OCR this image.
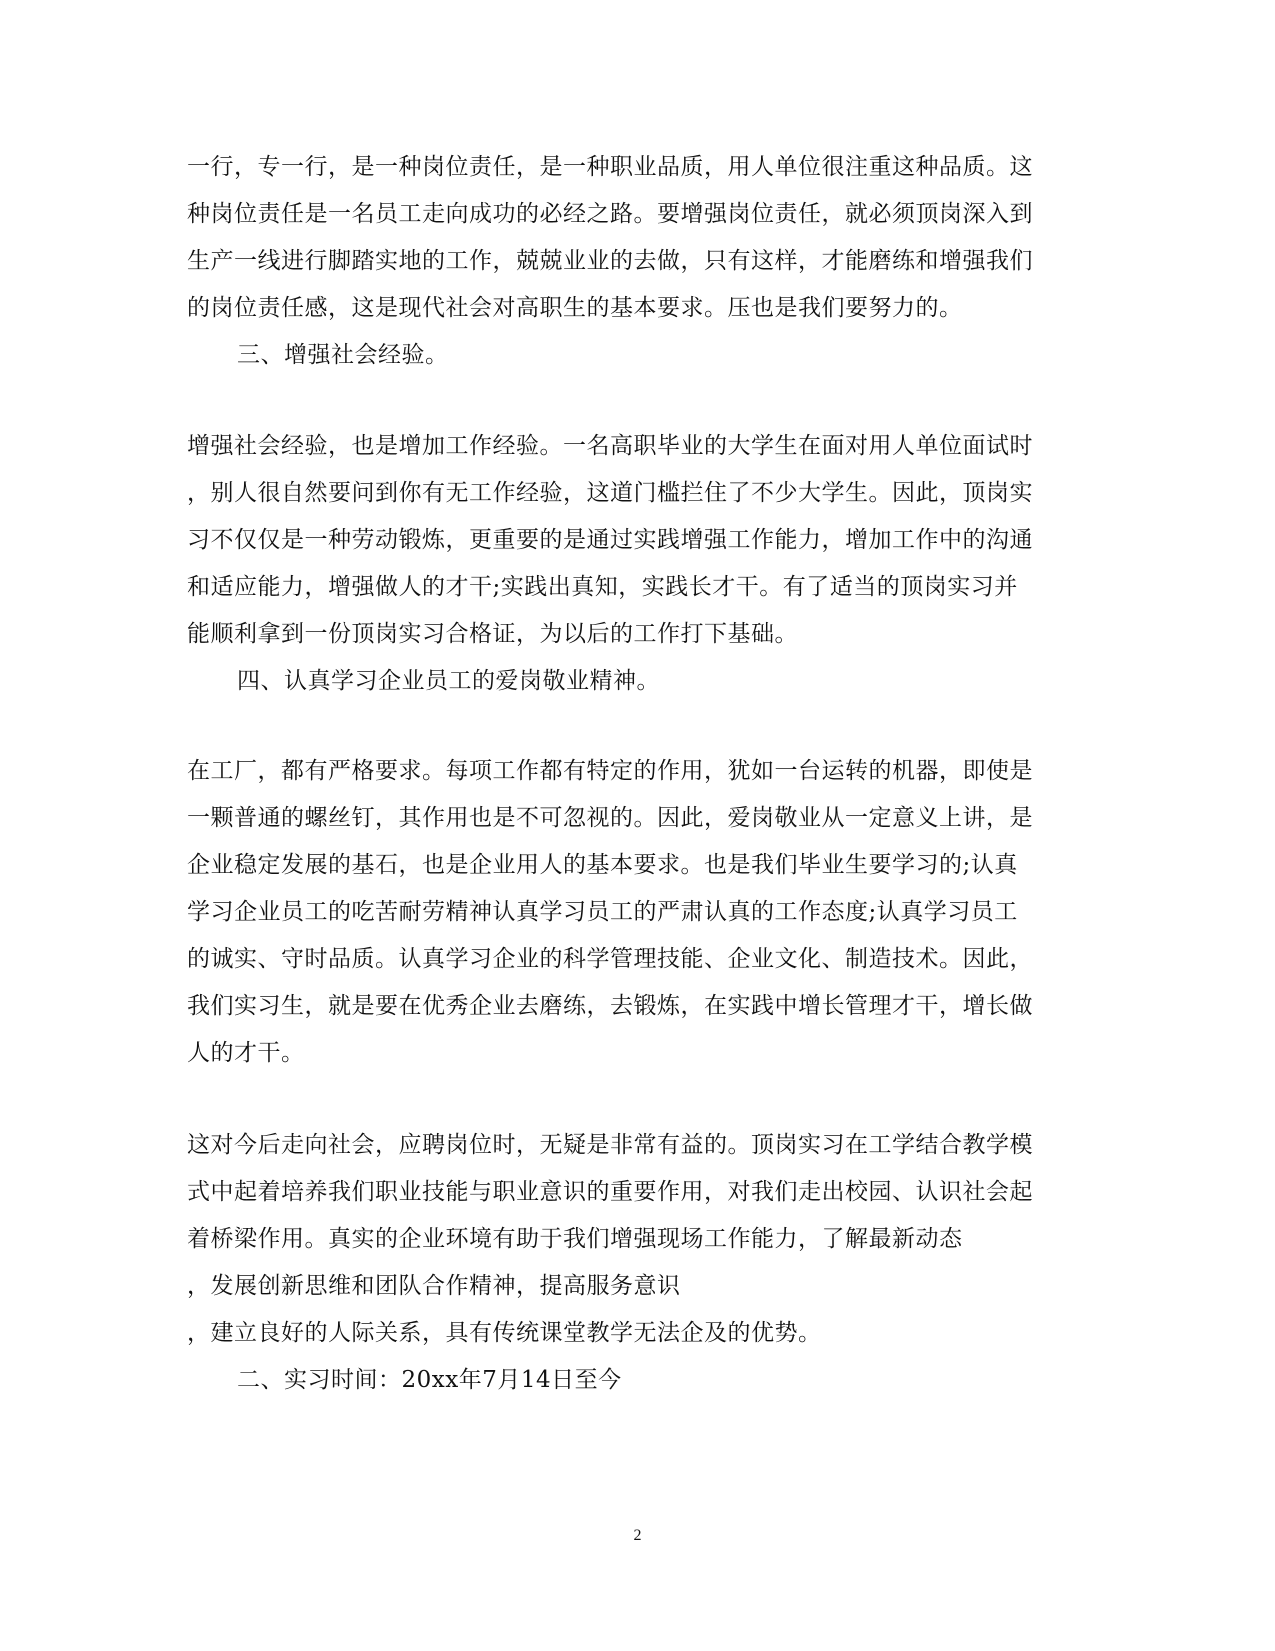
一行，专一行，是一种岗位责任，是一种职业品质，用人单位很注重这种品质。这
种岗位责任是一名员工走向成功的必经之路。要增强岗位责任，就必须顶岗深入到
生产一线进行脚踏实地的工作，兢兢业业的去做，只有这样，才能磨练和增强我们
的岗位责任感，这是现代社会对高职生的基本要求。压也是我们要努力的。
三、增强社会经验。
增强社会经验，也是增加工作经验。一名高职毕业的大学生在面对用人单位面试时
，别人很自然要问到你有无工作经验，这道门槛拦住了不少大学生。因此，顶岗实
习不仅仅是一种劳动锻炼，更重要的是通过实践增强工作能力，增加工作中的沟通
和适应能力，增强做人的才干;实践出真知，实践长才干。有了适当的顶岗实习并
能顺利拿到一份顶岗实习合格证，为以后的工作打下基础。
四、认真学习企业员工的爱岗敬业精神。
在工厂，都有严格要求。每项工作都有特定的作用，犹如一台运转的机器，即使是
一颗普通的螺丝钉，其作用也是不可忽视的。因此，爱岗敬业从一定意义上讲，是
企业稳定发展的基石，也是企业用人的基本要求。也是我们毕业生要学习的;认真
学习企业员工的吃苦耐劳精神认真学习员工的严肃认真的工作态度;认真学习员工
的诚实、守时品质。认真学习企业的科学管理技能、企业文化、制造技术。因此，
我们实习生，就是要在优秀企业去磨练，去锻炼，在实践中增长管理才干，增长做
人的才干。
这对今后走向社会，应聘岗位时，无疑是非常有益的。顶岗实习在工学结合教学模
式中起着培养我们职业技能与职业意识的重要作用，对我们走出校园、认识社会起
着桥梁作用。真实的企业环境有助于我们增强现场工作能力，了解最新动态
，发展创新思维和团队合作精神，提高服务意识
，建立良好的人际关系，具有传统课堂教学无法企及的优势。
二、实习时间：20xx年7月14日至今
2
